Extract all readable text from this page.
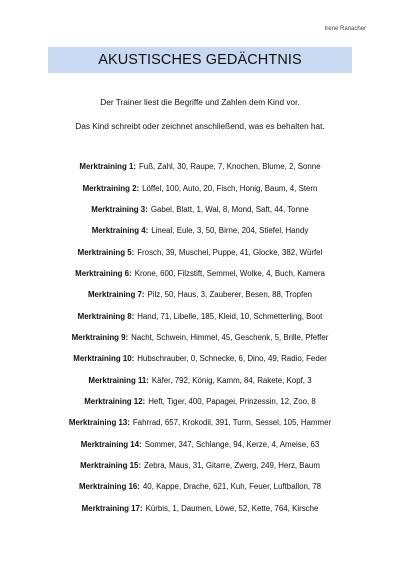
Irene Ranacher
AKUSTISCHES GEDÄCHTNIS

Der Trainer liest die Begriffe und Zahlen dem Kind vor.

Das Kind schreibt oder zeichnet anschließend, was es behalten hat.

Merktraining 1: Fuß, Zahl, 30, Raupe, 7, Knochen, Blume, 2, Sonne
Merktraining 2: Löffel, 100, Auto, 20, Fisch, Honig, Baum, 4, Stern
Merktraining 3: Gabel, Blatt, 1, Wal, 8, Mond, Saft, 44, Tonne
Merktraining 4: Lineal, Eule, 3, 50, Birne, 204, Stiefel, Handy
Merktraining 5: Frosch, 39, Muschel, Puppe, 41, Glocke, 382, Würfel
Merktraining 6: Krone, 600, Filzstift, Semmel, Wolke, 4, Buch, Kamera
Merktraining 7: Pilz, 50, Haus, 3, Zauberer, Besen, 88, Tropfen
Merktraining 8: Hand, 71, Libelle, 185, Kleid, 10, Schmetterling, Boot
Merktraining 9: Nacht, Schwein, Himmel, 45, Geschenk, 5, Brille, Pfeffer
Merktraining 10: Hubschrauber, 0, Schnecke, 6, Dino, 49, Radio, Feder
Merktraining 11: Käfer, 792, König, Kamm, 84, Rakete, Kopf, 3
Merktraining 12: Heft, Tiger, 400, Papagei, Prinzessin, 12, Zoo, 8
Merktraining 13: Fahrrad, 657, Krokodil, 391, Turm, Sessel, 105, Hammer
Merktraining 14: Sommer, 347, Schlange, 94, Kerze, 4, Ameise, 63
Merktraining 15: Zebra, Maus, 31, Gitarre, Zwerg, 249, Herz, Baum
Merktraining 16: 40, Kappe, Drache, 621, Kuh, Feuer, Luftballon, 78
Merktraining 17: Kürbis, 1, Daumen, Löwe, 52, Kette, 764, Kirsche
